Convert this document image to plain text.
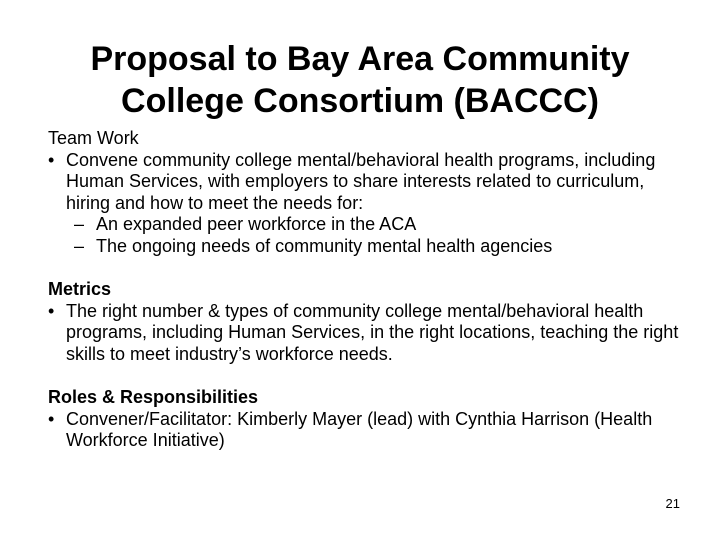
Proposal to Bay Area Community
College Consortium (BACCC)

Team Work

• Convene community college mental/behavioral health programs, including Human Services, with employers to share interests related to curriculum, hiring and how to meet the needs for:
– An expanded peer workforce in the ACA
– The ongoing needs of community mental health agencies

Metrics

• The right number & types of community college mental/behavioral health programs, including Human Services, in the right locations, teaching the right skills to meet industry’s workforce needs.

Roles & Responsibilities

• Convener/Facilitator: Kimberly Mayer (lead) with Cynthia Harrison (Health Workforce Initiative)
21
